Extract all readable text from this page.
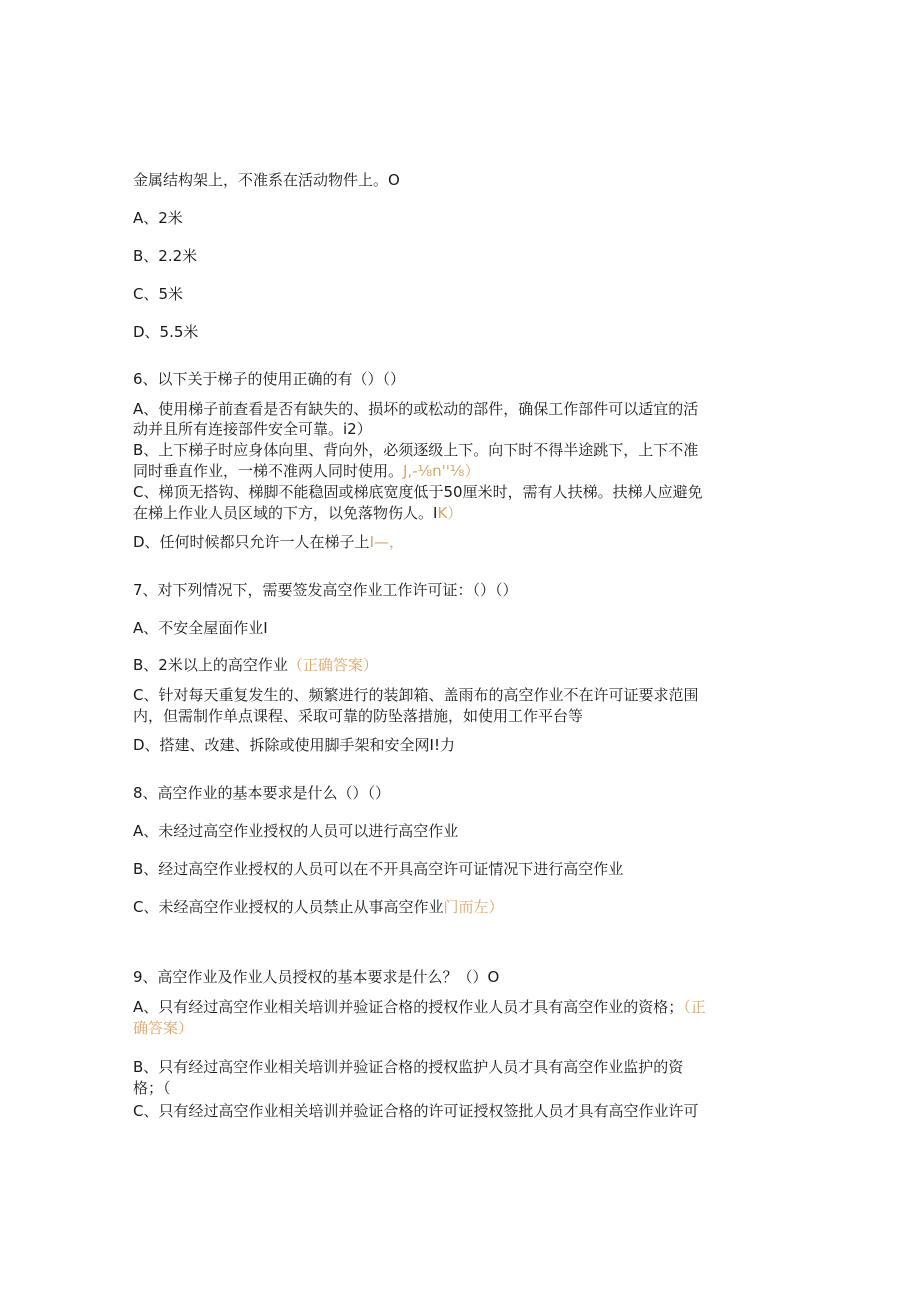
金属结构架上，不准系在活动物件上。O
A、2米
B、2.2米
C、5米
D、5.5米
6、以下关于梯子的使用正确的有（）（）
A、使用梯子前查看是否有缺失的、损坏的或松动的部件，确保工作部件可以适宜的活
动并且所有连接部件安全可靠。i2）
B、上下梯子时应身体向里、背向外，必须逐级上下。向下时不得半途跳下，上下不准
同时垂直作业，一梯不准两人同时使用。J,-⅛n''⅛）
C、梯顶无搭钩、梯脚不能稳固或梯底宽度低于50厘米时，需有人扶梯。扶梯人应避免
在梯上作业人员区域的下方，以免落物伤人。IK）
D、任何时候都只允许一人在梯子上I—，
7、对下列情况下，需要签发高空作业工作许可证：（）（）
A、不安全屋面作业I
B、2米以上的高空作业（正确答案）
C、针对每天重复发生的、频繁进行的装卸箱、盖雨布的高空作业不在许可证要求范围
内，但需制作单点课程、采取可靠的防坠落措施，如使用工作平台等
D、搭建、改建、拆除或使用脚手架和安全网I!力
8、高空作业的基本要求是什么（）（）
A、未经过高空作业授权的人员可以进行高空作业
B、经过高空作业授权的人员可以在不开具高空许可证情况下进行高空作业
C、未经高空作业授权的人员禁止从事高空作业门而左）
9、高空作业及作业人员授权的基本要求是什么？（）O
A、只有经过高空作业相关培训并验证合格的授权作业人员才具有高空作业的资格；（正
确答案）
B、只有经过高空作业相关培训并验证合格的授权监护人员才具有高空作业监护的资
格；（
C、只有经过高空作业相关培训并验证合格的许可证授权签批人员才具有高空作业许可
